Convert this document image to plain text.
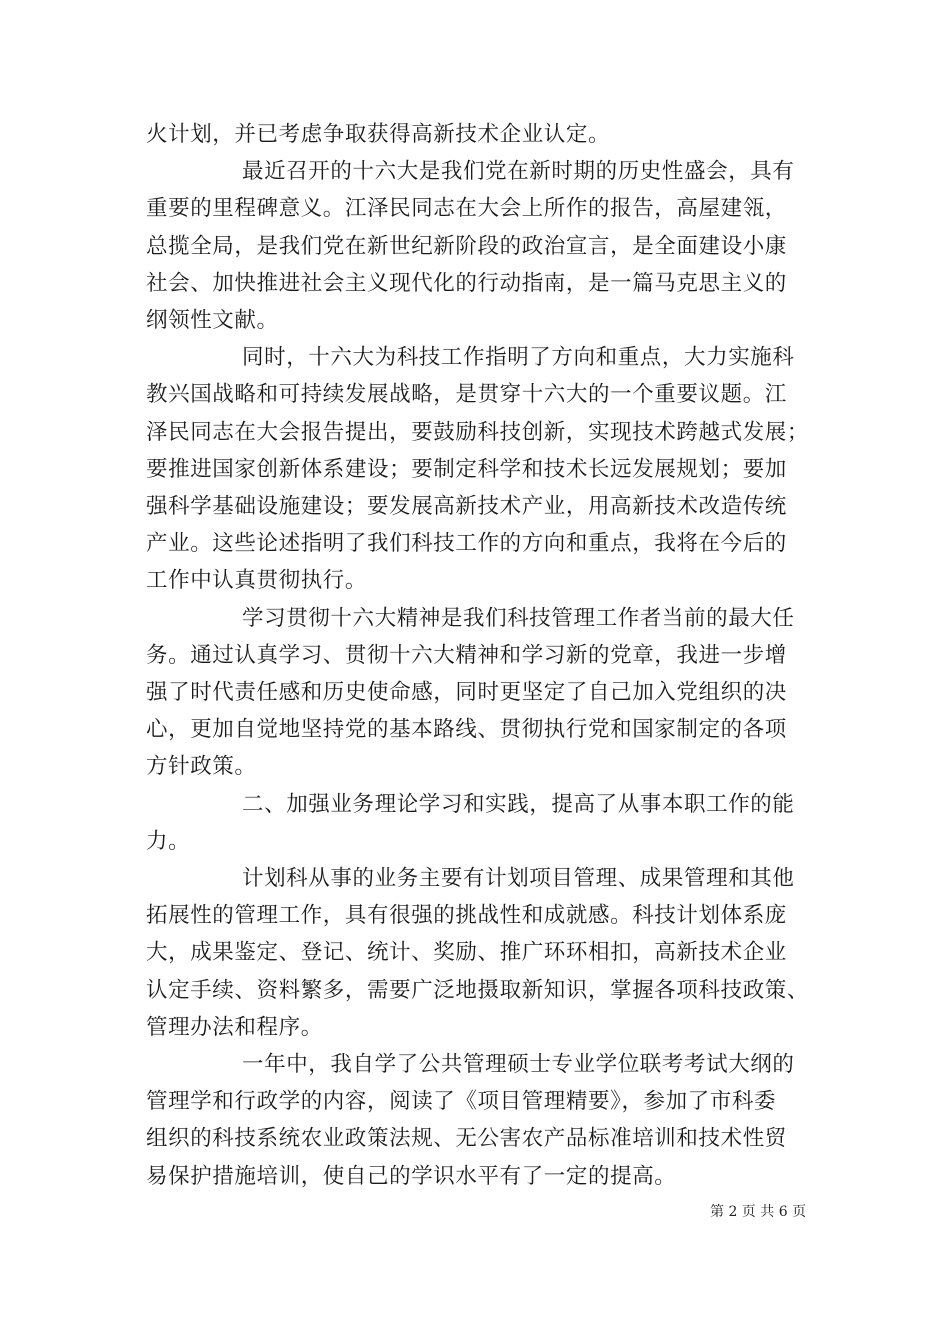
火计划，并已考虑争取获得高新技术企业认定。
最近召开的十六大是我们党在新时期的历史性盛会，具有
重要的里程碑意义。江泽民同志在大会上所作的报告，高屋建瓴，
总揽全局，是我们党在新世纪新阶段的政治宣言，是全面建设小康
社会、加快推进社会主义现代化的行动指南，是一篇马克思主义的
纲领性文献。
同时，十六大为科技工作指明了方向和重点，大力实施科
教兴国战略和可持续发展战略，是贯穿十六大的一个重要议题。江
泽民同志在大会报告提出，要鼓励科技创新，实现技术跨越式发展；
要推进国家创新体系建设；要制定科学和技术长远发展规划；要加
强科学基础设施建设；要发展高新技术产业，用高新技术改造传统
产业。这些论述指明了我们科技工作的方向和重点，我将在今后的
工作中认真贯彻执行。
学习贯彻十六大精神是我们科技管理工作者当前的最大任
务。通过认真学习、贯彻十六大精神和学习新的党章，我进一步增
强了时代责任感和历史使命感，同时更坚定了自己加入党组织的决
心，更加自觉地坚持党的基本路线、贯彻执行党和国家制定的各项
方针政策。
二、加强业务理论学习和实践，提高了从事本职工作的能
力。
计划科从事的业务主要有计划项目管理、成果管理和其他
拓展性的管理工作，具有很强的挑战性和成就感。科技计划体系庞
大，成果鉴定、登记、统计、奖励、推广环环相扣，高新技术企业
认定手续、资料繁多，需要广泛地摄取新知识，掌握各项科技政策、
管理办法和程序。
一年中，我自学了公共管理硕士专业学位联考考试大纲的
管理学和行政学的内容，阅读了《项目管理精要》，参加了市科委
组织的科技系统农业政策法规、无公害农产品标准培训和技术性贸
易保护措施培训，使自己的学识水平有了一定的提高。
第 2 页 共 6 页
